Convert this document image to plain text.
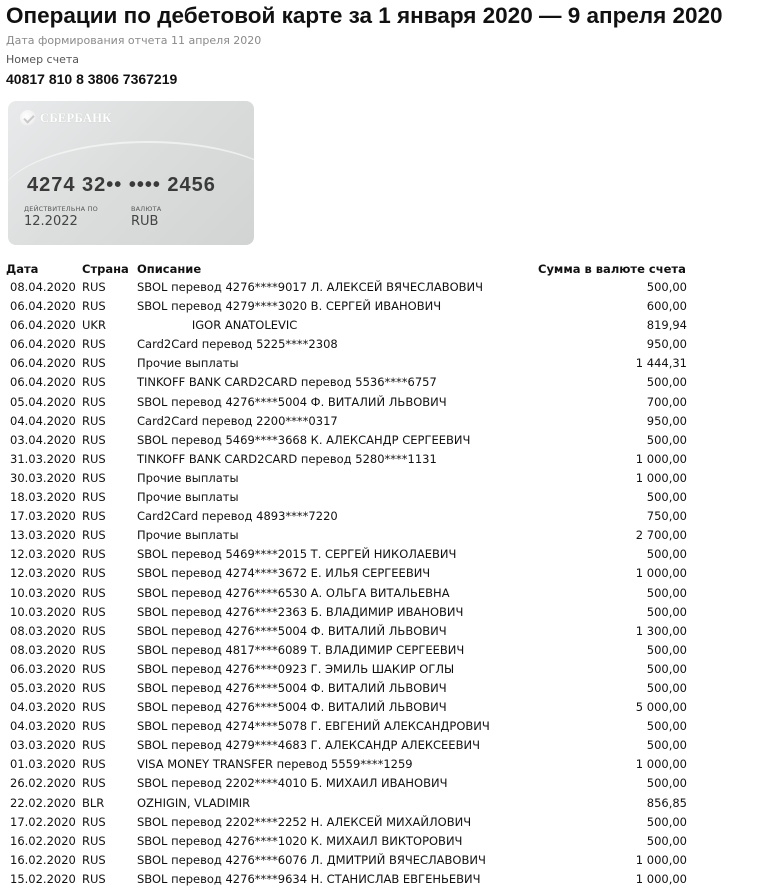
Операции по дебетовой карте за 1 января 2020 — 9 апреля 2020
Дата формирования отчета 11 апреля 2020
Номер счета
40817 810 8 3806 7367219
СБЕРБАНК
4274 32•• •••• 2456
ДЕЙСТВИТЕЛЬНА ПО
12.2022
ВАЛЮТА
RUB
Дата	Страна Описание	Сумма в валюте счета
08.04.2020 RUS	SBOL перевод 4276****9017 Л. АЛЕКСЕЙ ВЯЧЕСЛАВОВИЧ	500,00
06.04.2020 RUS	SBOL перевод 4279****3020 В. СЕРГЕЙ ИВАНОВИЧ	600,00
06.04.2020 UKR	IGOR ANATOLEVIC	819,94
06.04.2020 RUS	Card2Card перевод 5225****2308	950,00
06.04.2020 RUS	Прочие выплаты	1 444,31
06.04.2020 RUS	TINKOFF BANK CARD2CARD перевод 5536****6757	500,00
05.04.2020 RUS	SBOL перевод 4276****5004 Ф. ВИТАЛИЙ ЛЬВОВИЧ	700,00
04.04.2020 RUS	Card2Card перевод 2200****0317	950,00
03.04.2020 RUS	SBOL перевод 5469****3668 К. АЛЕКСАНДР СЕРГЕЕВИЧ	500,00
31.03.2020 RUS	TINKOFF BANK CARD2CARD перевод 5280****1131	1 000,00
30.03.2020 RUS	Прочие выплаты	1 000,00
18.03.2020 RUS	Прочие выплаты	500,00
17.03.2020 RUS	Card2Card перевод 4893****7220	750,00
13.03.2020 RUS	Прочие выплаты	2 700,00
12.03.2020 RUS	SBOL перевод 5469****2015 Т. СЕРГЕЙ НИКОЛАЕВИЧ	500,00
12.03.2020 RUS	SBOL перевод 4274****3672 Е. ИЛЬЯ СЕРГЕЕВИЧ	1 000,00
10.03.2020 RUS	SBOL перевод 4276****6530 А. ОЛЬГА ВИТАЛЬЕВНА	500,00
10.03.2020 RUS	SBOL перевод 4276****2363 Б. ВЛАДИМИР ИВАНОВИЧ	500,00
08.03.2020 RUS	SBOL перевод 4276****5004 Ф. ВИТАЛИЙ ЛЬВОВИЧ	1 300,00
08.03.2020 RUS	SBOL перевод 4817****6089 Т. ВЛАДИМИР СЕРГЕЕВИЧ	500,00
06.03.2020 RUS	SBOL перевод 4276****0923 Г. ЭМИЛЬ ШАКИР ОГЛЫ	500,00
05.03.2020 RUS	SBOL перевод 4276****5004 Ф. ВИТАЛИЙ ЛЬВОВИЧ	500,00
04.03.2020 RUS	SBOL перевод 4276****5004 Ф. ВИТАЛИЙ ЛЬВОВИЧ	5 000,00
04.03.2020 RUS	SBOL перевод 4274****5078 Г. ЕВГЕНИЙ АЛЕКСАНДРОВИЧ	500,00
03.03.2020 RUS	SBOL перевод 4279****4683 Г. АЛЕКСАНДР АЛЕКСЕЕВИЧ	500,00
01.03.2020 RUS	VISA MONEY TRANSFER перевод 5559****1259	1 000,00
26.02.2020 RUS	SBOL перевод 2202****4010 Б. МИХАИЛ ИВАНОВИЧ	500,00
22.02.2020 BLR	OZHIGIN, VLADIMIR	856,85
17.02.2020 RUS	SBOL перевод 2202****2252 Н. АЛЕКСЕЙ МИХАЙЛОВИЧ	500,00
16.02.2020 RUS	SBOL перевод 4276****1020 К. МИХАИЛ ВИКТОРОВИЧ	500,00
16.02.2020 RUS	SBOL перевод 4276****6076 Л. ДМИТРИЙ ВЯЧЕСЛАВОВИЧ	1 000,00
15.02.2020 RUS	SBOL перевод 4276****9634 Н. СТАНИСЛАВ ЕВГЕНЬЕВИЧ	1 000,00
